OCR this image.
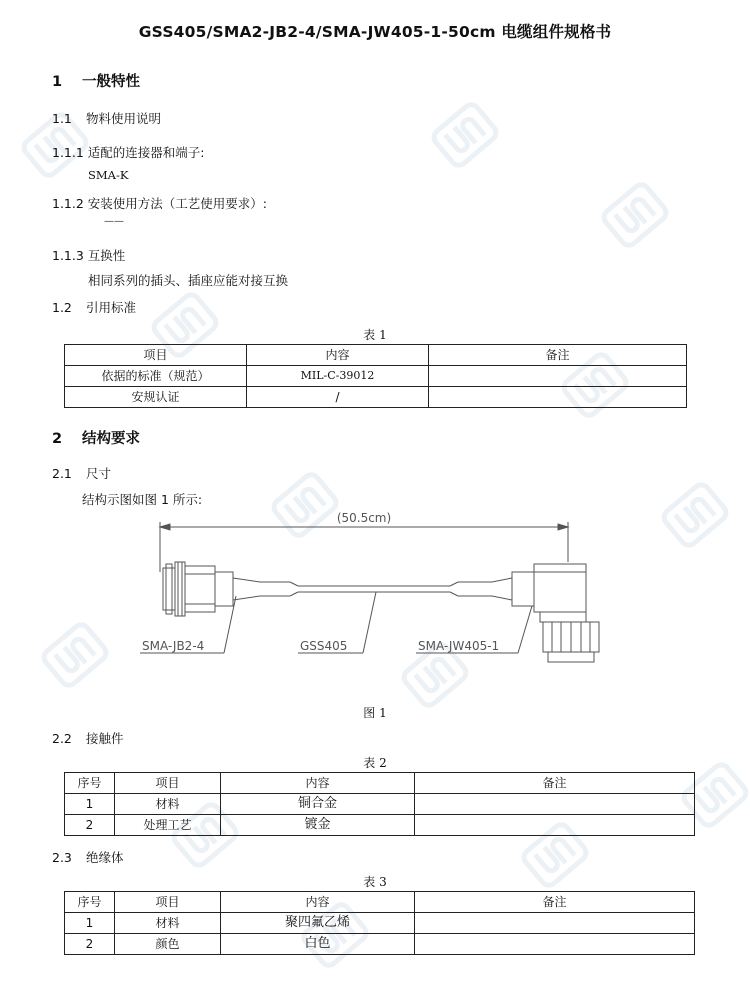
GSS405/SMA2-JB2-4/SMA-JW405-1-50cm 电缆组件规格书
1 一般特性
1.1 物料使用说明
1.1.1 适配的连接器和端子:
SMA-K
1.1.2 安装使用方法（工艺使用要求）:
——
1.1.3 互换性
相同系列的插头、插座应能对接互换
1.2 引用标准
表 1
项目	内容	备注
依据的标准（规范）	MIL-C-39012	
安规认证	/	
2 结构要求
2.1 尺寸
结构示图如图 1 所示:
(50.5cm)
SMA-JB2-4	GSS405	SMA-JW405-1
图 1
2.2 接触件
表 2
序号	项目	内容	备注
1	材料	铜合金	
2	处理工艺	镀金	
2.3 绝缘体
表 3
序号	项目	内容	备注
1	材料	聚四氟乙烯	
2	颜色	白色	
